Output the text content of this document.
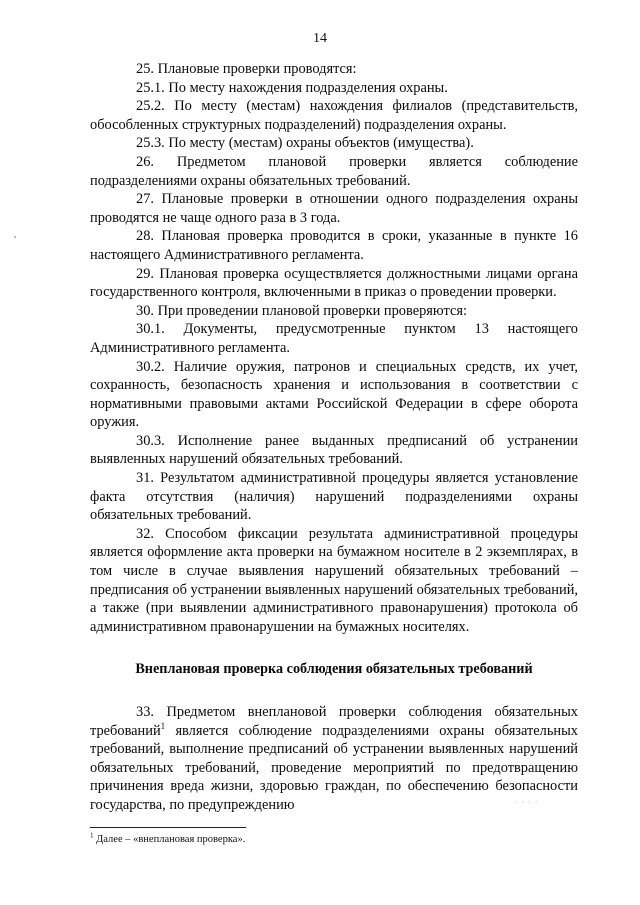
14

25. Плановые проверки проводятся:

25.1. По месту нахождения подразделения охраны.

25.2. По месту (местам) нахождения филиалов (представительств, обособленных структурных подразделений) подразделения охраны.

25.3. По месту (местам) охраны объектов (имущества).

26. Предметом плановой проверки является соблюдение подразделениями охраны обязательных требований.

27. Плановые проверки в отношении одного подразделения охраны проводятся не чаще одного раза в 3 года.

28. Плановая проверка проводится в сроки, указанные в пункте 16 настоящего Административного регламента.

29. Плановая проверка осуществляется должностными лицами органа государственного контроля, включенными в приказ о проведении проверки.

30. При проведении плановой проверки проверяются:

30.1. Документы, предусмотренные пунктом 13 настоящего Административного регламента.

30.2. Наличие оружия, патронов и специальных средств, их учет, сохранность, безопасность хранения и использования в соответствии с нормативными правовыми актами Российской Федерации в сфере оборота оружия.

30.3. Исполнение ранее выданных предписаний об устранении выявленных нарушений обязательных требований.

31. Результатом административной процедуры является установление факта отсутствия (наличия) нарушений подразделениями охраны обязательных требований.

32. Способом фиксации результата административной процедуры является оформление акта проверки на бумажном носителе в 2 экземплярах, в том числе в случае выявления нарушений обязательных требований – предписания об устранении выявленных нарушений обязательных требований, а также (при выявлении административного правонарушения) протокола об административном правонарушении на бумажных носителях.

Внеплановая проверка соблюдения обязательных требований

33. Предметом внеплановой проверки соблюдения обязательных требований$^1$ является соблюдение подразделениями охраны обязательных требований, выполнение предписаний об устранении выявленных нарушений обязательных требований, проведение мероприятий по предотвращению причинения вреда жизни, здоровью граждан, по обеспечению безопасности государства, по предупреждению	⸱ ⸱ ⸱ ⸱
$^1$ Далее – «внеплановая проверка».
